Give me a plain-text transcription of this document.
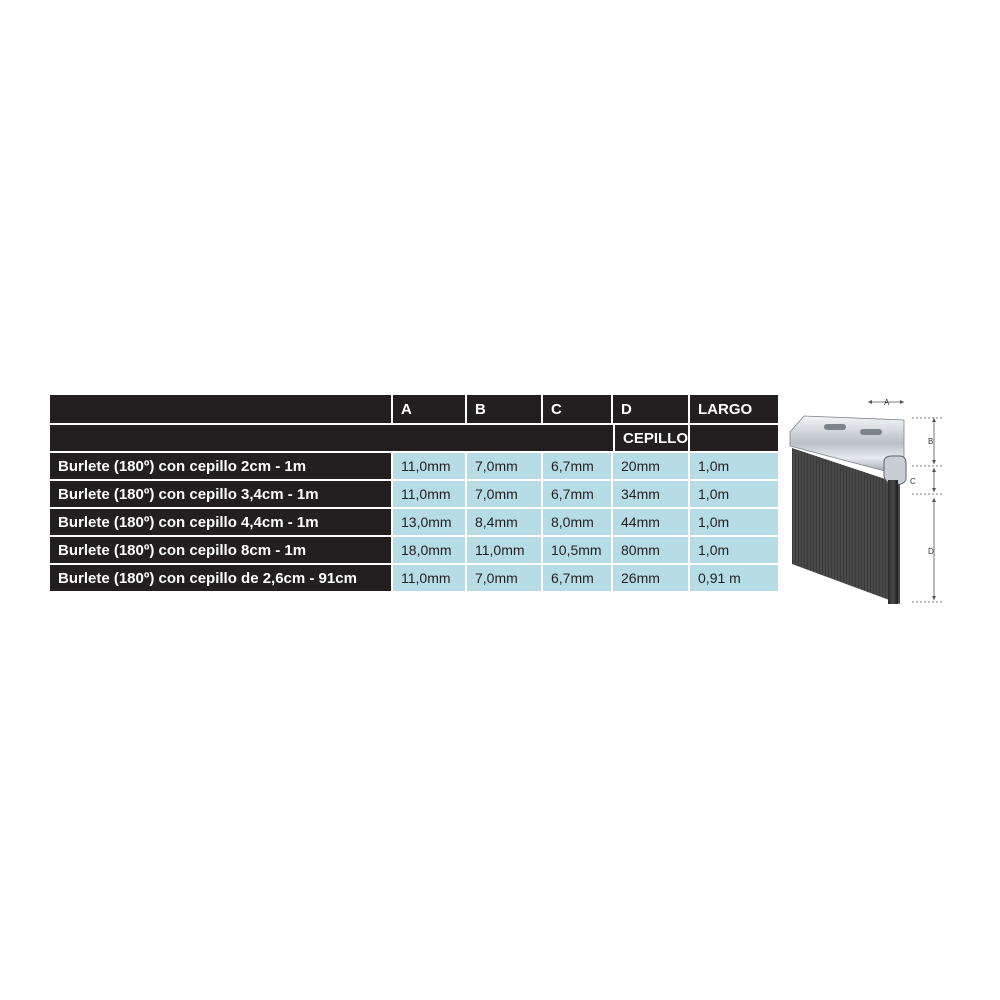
	A	B	C	D	LARGO
				CEPILLO	
Burlete (180º) con cepillo 2cm - 1m	11,0mm	7,0mm	6,7mm	20mm	1,0m
Burlete (180º) con cepillo 3,4cm - 1m	11,0mm	7,0mm	6,7mm	34mm	1,0m
Burlete (180º) con cepillo 4,4cm - 1m	13,0mm	8,4mm	8,0mm	44mm	1,0m
Burlete (180º) con cepillo 8cm - 1m	18,0mm	11,0mm	10,5mm	80mm	1,0m
Burlete (180º) con cepillo de 2,6cm - 91cm	11,0mm	7,0mm	6,7mm	26mm	0,91 m
A
B
C
D
